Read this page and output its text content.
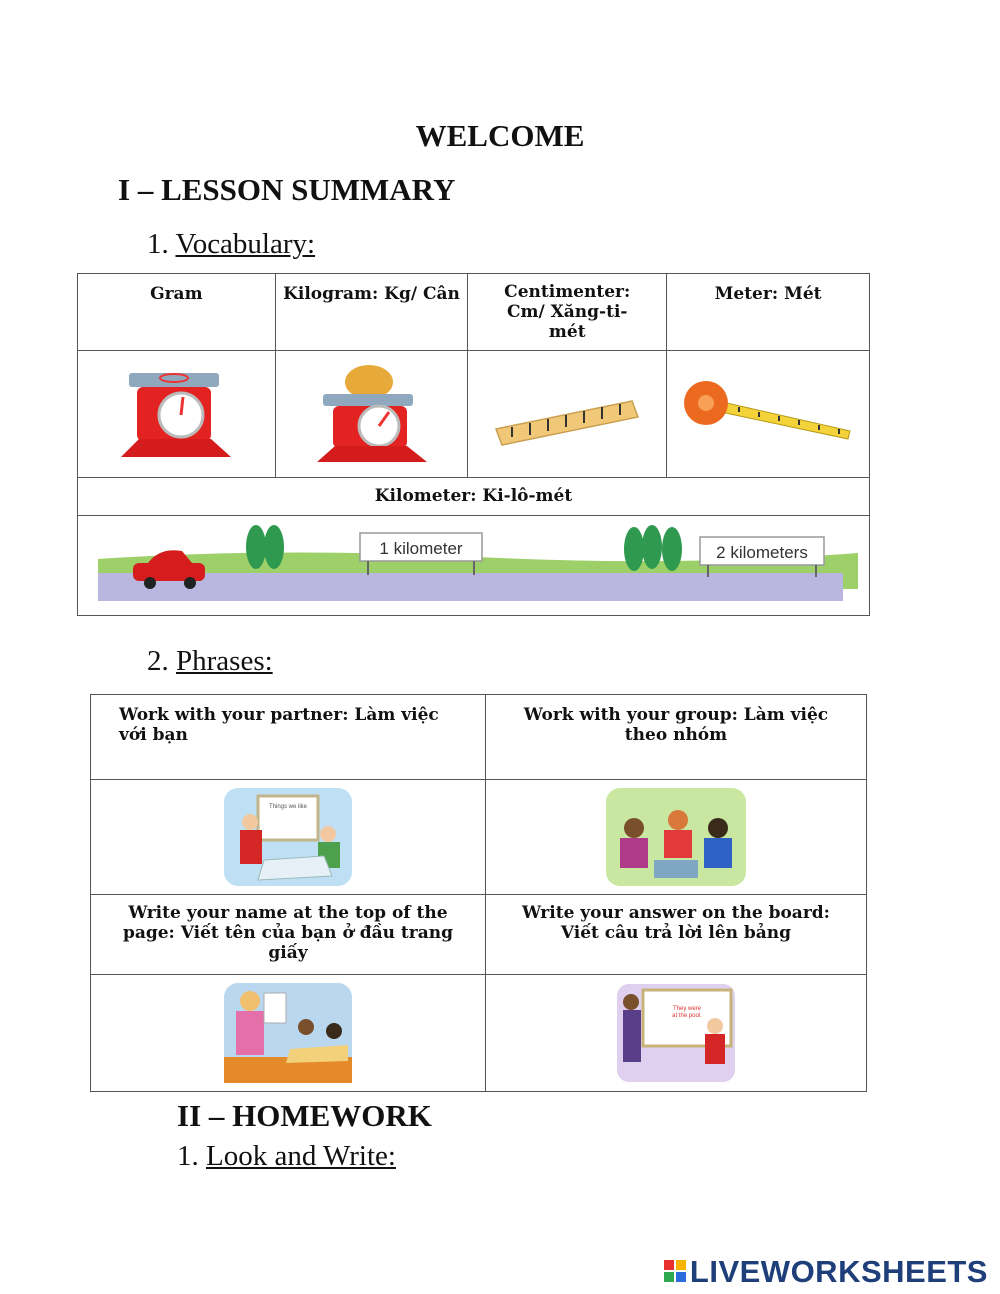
WELCOME
I – LESSON SUMMARY
1. Vocabulary:
Gram	Kilogram: Kg/ Cân	Centimenter:
Cm/ Xăng-ti-
mét	Meter: Mét

Kilometer: Ki-lô-mét			

1 kilometer 2 kilometers			
2. Phrases:
Work with your partner: Làm việc
với bạn	Work with your group: Làm việc
theo nhóm

Things we like

Write your name at the top of the
page: Viết tên của bạn ở đầu trang
giấy	Write your answer on the board:
Viết câu trả lời lên bảng

They were at the pool.
II – HOMEWORK
1. Look and Write:
LIVEWORKSHEETS
